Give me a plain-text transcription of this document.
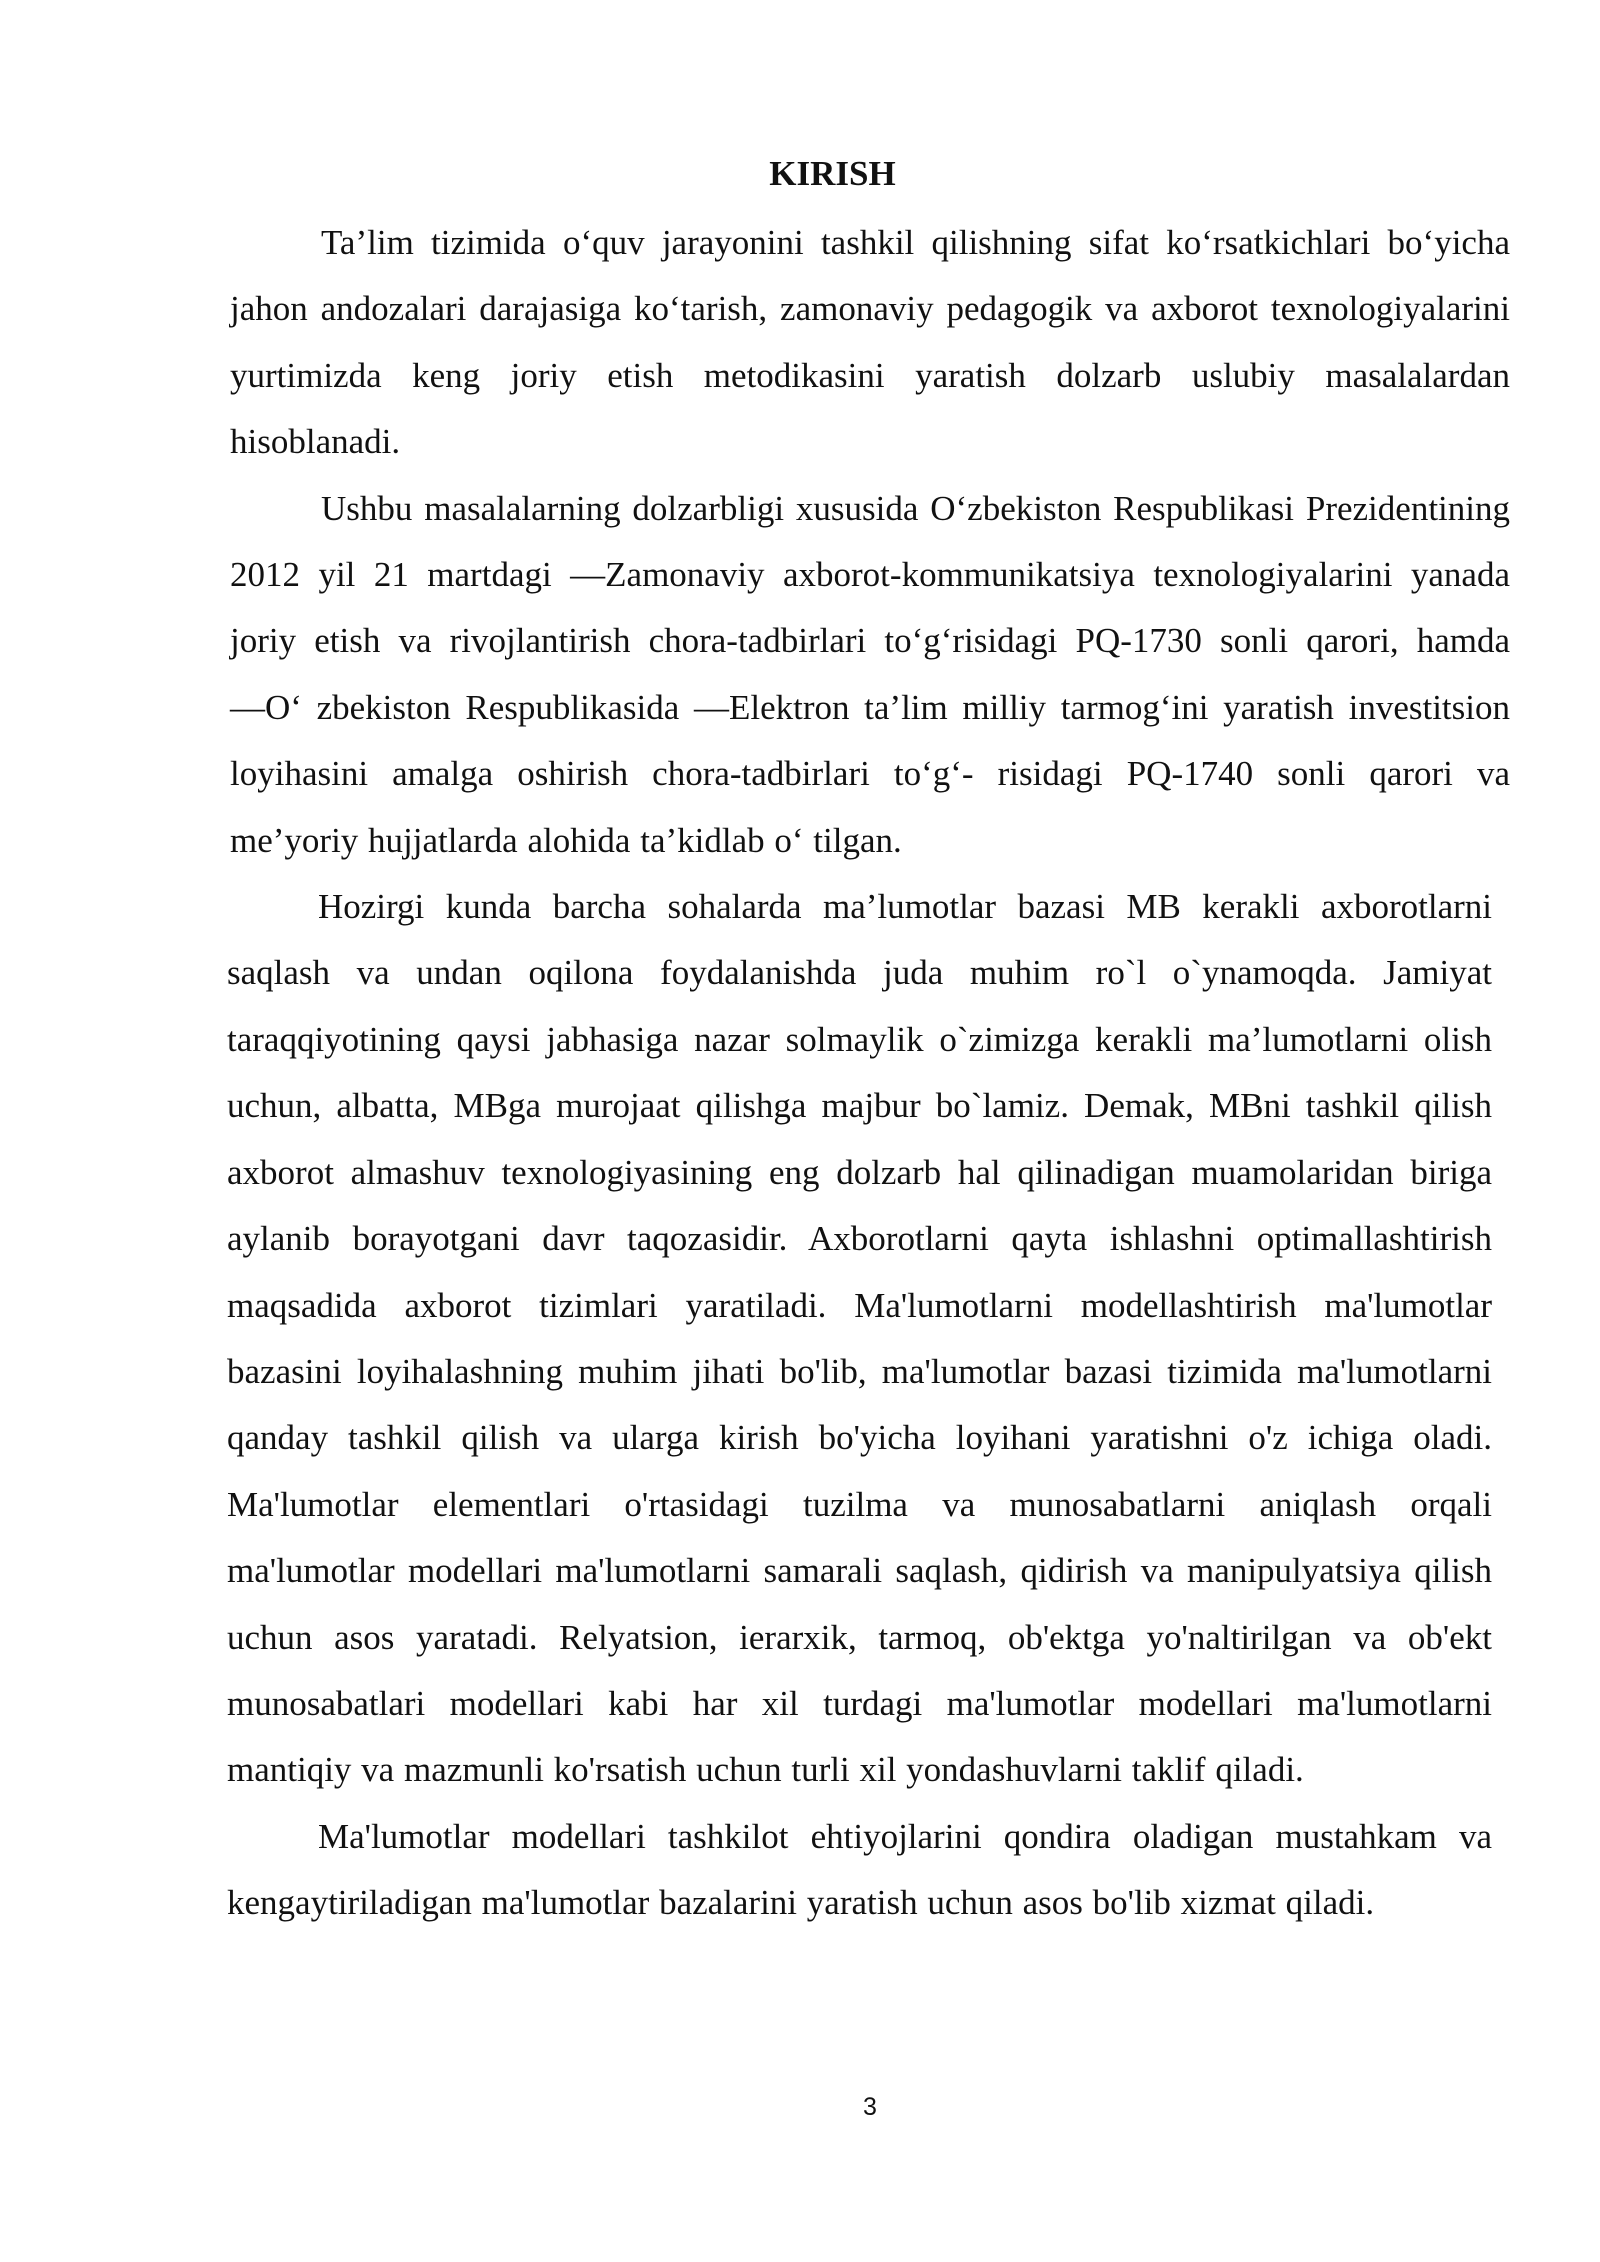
KIRISH

Ta’lim tizimida o‘quv jarayonini tashkil qilishning sifat ko‘rsatkichlari bo‘yicha jahon andozalari darajasiga ko‘tarish, zamonaviy pedagogik va axborot texnologiyalarini yurtimizda keng joriy etish metodikasini yaratish dolzarb uslubiy masalalardan hisoblanadi.

Ushbu masalalarning dolzarbligi xususida O‘zbekiston Respublikasi Prezidentining 2012 yil 21 martdagi ―Zamonaviy axborot-kommunikatsiya texnologiyalarini yanada joriy etish va rivojlantirish chora-tadbirlari to‘g‘risidagi PQ-1730 sonli qarori, hamda ―O‘ zbekiston Respublikasida ―Elektron ta’lim milliy tarmog‘ini yaratish investitsion loyihasini amalga oshirish chora-tadbirlari to‘g‘- risidagi PQ-1740 sonli qarori va me’yoriy hujjatlarda alohida ta’kidlab o‘ tilgan.

Hozirgi kunda barcha sohalarda ma’lumotlar bazasi MB kerakli axborotlarni saqlash va undan oqilona foydalanishda juda muhim ro`l o`ynamoqda. Jamiyat taraqqiyotining qaysi jabhasiga nazar solmaylik o`zimizga kerakli ma’lumotlarni olish uchun, albatta, MBga murojaat qilishga majbur bo`lamiz. Demak, MBni tashkil qilish axborot almashuv texnologiyasining eng dolzarb hal qilinadigan muamolaridan biriga aylanib borayotgani davr taqozasidir. Axborotlarni qayta ishlashni optimallashtirish maqsadida axborot tizimlari yaratiladi. Ma'lumotlarni modellashtirish ma'lumotlar bazasini loyihalashning muhim jihati bo'lib, ma'lumotlar bazasi tizimida ma'lumotlarni qanday tashkil qilish va ularga kirish bo'yicha loyihani yaratishni o'z ichiga oladi. Ma'lumotlar elementlari o'rtasidagi tuzilma va munosabatlarni aniqlash orqali ma'lumotlar modellari ma'lumotlarni samarali saqlash, qidirish va manipulyatsiya qilish uchun asos yaratadi. Relyatsion, ierarxik, tarmoq, ob'ektga yo'naltirilgan va ob'ekt munosabatlari modellari kabi har xil turdagi ma'lumotlar modellari ma'lumotlarni mantiqiy va mazmunli ko'rsatish uchun turli xil yondashuvlarni taklif qiladi.

Ma'lumotlar modellari tashkilot ehtiyojlarini qondira oladigan mustahkam va kengaytiriladigan ma'lumotlar bazalarini yaratish uchun asos bo'lib xizmat qiladi.

3
